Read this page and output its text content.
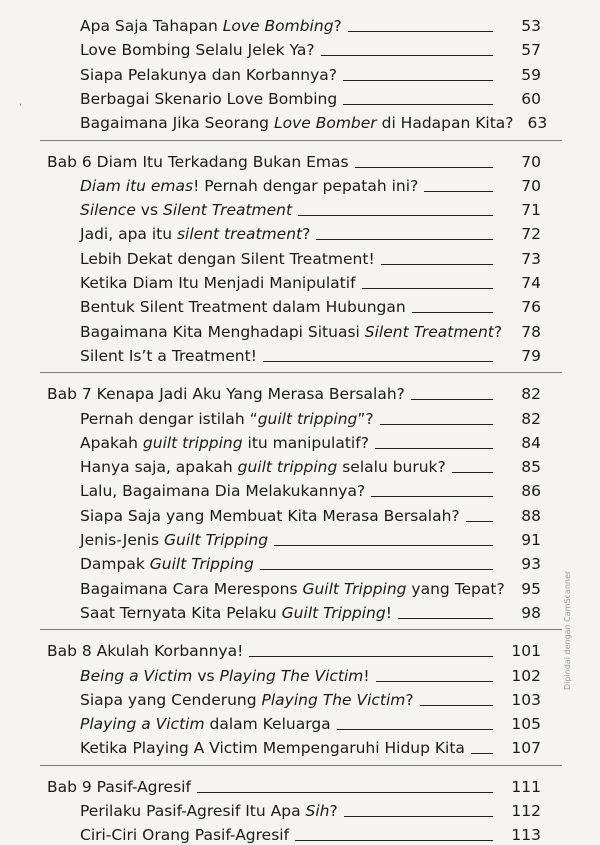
Apa Saja Tahapan Love Bombing?	53
Love Bombing Selalu Jelek Ya?	57
Siapa Pelakunya dan Korbannya?	59
Berbagai Skenario Love Bombing	60
Bagaimana Jika Seorang Love Bomber di Hadapan Kita? 63
Bab 6 Diam Itu Terkadang Bukan Emas	70
Diam itu emas! Pernah dengar pepatah ini?	70
Silence vs Silent Treatment	71
Jadi, apa itu silent treatment?	72
Lebih Dekat dengan Silent Treatment!	73
Ketika Diam Itu Menjadi Manipulatif	74
Bentuk Silent Treatment dalam Hubungan	76
Bagaimana Kita Menghadapi Situasi Silent Treatment?	78
Silent Is’t a Treatment!	79
Bab 7 Kenapa Jadi Aku Yang Merasa Bersalah?	82
Pernah dengar istilah “guilt tripping”?	82
Apakah guilt tripping itu manipulatif?	84
Hanya saja, apakah guilt tripping selalu buruk?	85
Lalu, Bagaimana Dia Melakukannya?	86
Siapa Saja yang Membuat Kita Merasa Bersalah?	88
Jenis-Jenis Guilt Tripping	91
Dampak Guilt Tripping	93
Bagaimana Cara Merespons Guilt Tripping yang Tepat? 95
Saat Ternyata Kita Pelaku Guilt Tripping!	98
Bab 8 Akulah Korbannya!	101
Being a Victim vs Playing The Victim!	102
Siapa yang Cenderung Playing The Victim?	103
Playing a Victim dalam Keluarga	105
Ketika Playing A Victim Mempengaruhi Hidup Kita	107
Bab 9 Pasif-Agresif	111
Perilaku Pasif-Agresif Itu Apa Sih?	112
Ciri-Ciri Orang Pasif-Agresif	113
‘
Dipindai dengan CamScanner
